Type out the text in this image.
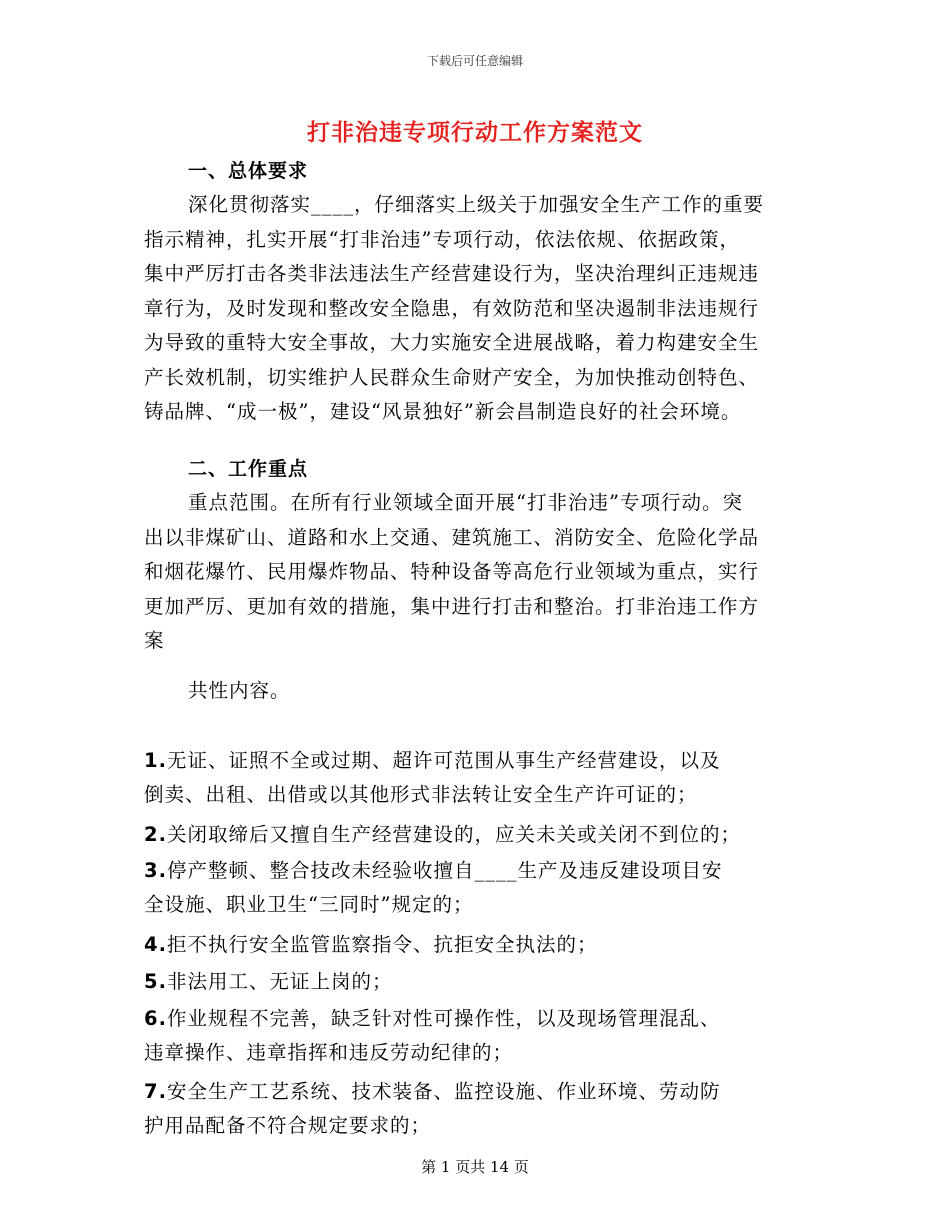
下载后可任意编辑
打非治违专项行动工作方案范文
一、总体要求
深化贯彻落实____，仔细落实上级关于加强安全生产工作的重要
指示精神，扎实开展“打非治违”专项行动，依法依规、依据政策，
集中严厉打击各类非法违法生产经营建设行为，坚决治理纠正违规违
章行为，及时发现和整改安全隐患，有效防范和坚决遏制非法违规行
为导致的重特大安全事故，大力实施安全进展战略，着力构建安全生
产长效机制，切实维护人民群众生命财产安全，为加快推动创特色、
铸品牌、“成一极”，建设“风景独好”新会昌制造良好的社会环境。
二、工作重点
重点范围。在所有行业领域全面开展“打非治违”专项行动。突
出以非煤矿山、道路和水上交通、建筑施工、消防安全、危险化学品
和烟花爆竹、民用爆炸物品、特种设备等高危行业领域为重点，实行
更加严厉、更加有效的措施，集中进行打击和整治。打非治违工作方
案
共性内容。

1.无证、证照不全或过期、超许可范围从事生产经营建设，以及
倒卖、出租、出借或以其他形式非法转让安全生产许可证的；

2.关闭取缔后又擅自生产经营建设的，应关未关或关闭不到位的；

3.停产整顿、整合技改未经验收擅自____生产及违反建设项目安
全设施、职业卫生“三同时”规定的；

4.拒不执行安全监管监察指令、抗拒安全执法的；

5.非法用工、无证上岗的；

6.作业规程不完善，缺乏针对性可操作性，以及现场管理混乱、
违章操作、违章指挥和违反劳动纪律的；

7.安全生产工艺系统、技术装备、监控设施、作业环境、劳动防
护用品配备不符合规定要求的；

第 1 页共 14 页
